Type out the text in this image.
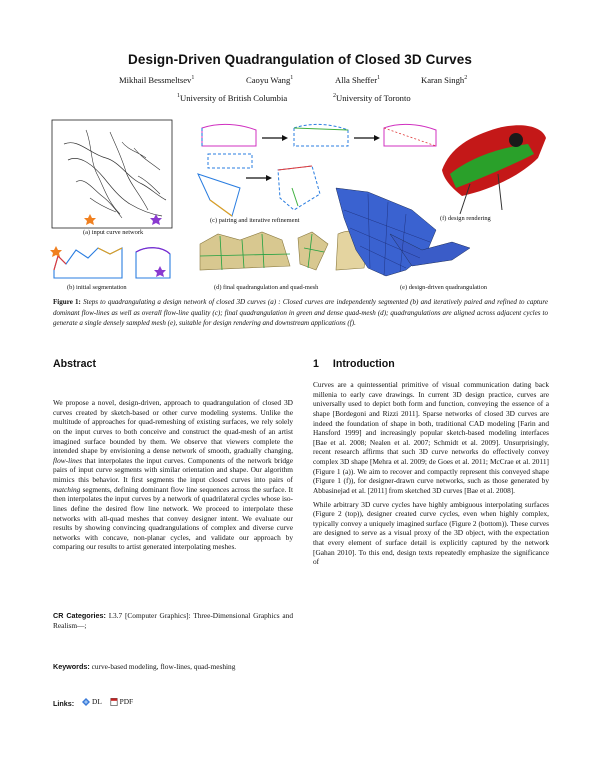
Design-Driven Quadrangulation of Closed 3D Curves
Mikhail Bessmeltsev$^1$	Caoyu Wang$^1$	Alla Sheffer$^1$	Karan Singh$^2$
$^1$University of British Columbia	$^2$University of Toronto
(a) input curve network
(c) pairing and iterative refinement	(f) design rendering
(b) initial segmentation	(d) final quadrangulation and quad-mesh	(e) design-driven quadrangulation
Figure 1: Steps to quadrangulating a design network of closed 3D curves (a) : Closed curves are independently segmented (b) and iteratively paired and refined to capture dominant flow-lines as well as overall flow-line quality (c); final quadrangulation in green and dense quad-mesh (d); quadrangulations are aligned across adjacent cycles to generate a single densely sampled mesh (e), suitable for design rendering and downstream applications (f).
Abstract	1 Introduction
We propose a novel, design-driven, approach to quadrangulation of closed 3D curves created by sketch-based or other curve modeling systems. Unlike the multitude of approaches for quad-remeshing of existing surfaces, we rely solely on the input curves to both conceive and construct the quad-mesh of an artist imagined surface bounded by them. We observe that viewers complete the intended shape by envisioning a dense network of smooth, gradually changing, flow-lines that interpolates the input curves. Components of the network bridge pairs of input curve segments with similar orientation and shape. Our algorithm mimics this behavior. It first segments the input closed curves into pairs of matching segments, defining dominant flow line sequences across the surface. It then interpolates the input curves by a network of quadrilateral cycles whose iso-lines define the desired flow line network. We proceed to interpolate these networks with all-quad meshes that convey designer intent. We evaluate our results by showing convincing quadrangulations of complex and diverse curve networks with concave, non-planar cycles, and validate our approach by comparing our results to artist generated interpolating meshes.
CR Categories: I.3.7 [Computer Graphics]: Three-Dimensional Graphics and Realism—;
Keywords: curve-based modeling, flow-lines, quad-meshing
Links: DL
PDF

Curves are a quintessential primitive of visual communication dating back millenia to early cave drawings. In current 3D design practice, curves are universally used to depict both form and function, conveying the essence of a shape [Bordegoni and Rizzi 2011]. Sparse networks of closed 3D curves are indeed the foundation of shape in both, traditional CAD modeling [Farin and Hansford 1999] and increasingly popular sketch-based modeling interfaces [Bae et al. 2008; Nealen et al. 2007; Schmidt et al. 2009]. Unsurprisingly, recent research affirms that such 3D curve networks do effectively convey complex 3D shape [Mehra et al. 2009; de Goes et al. 2011; McCrae et al. 2011] (Figure 1 (a)). We aim to recover and compactly represent this conveyed shape (Figure 1 (f)), for designer-drawn curve networks, such as those generated by Abbasinejad et al. [2011] from sketched 3D curves [Bae et al. 2008].

While arbitrary 3D curve cycles have highly ambiguous interpolating surfaces (Figure 2 (top)), designer created curve cycles, even when highly complex, typically convey a uniquely imagined surface (Figure 2 (bottom)). These curves are designed to serve as a visual proxy of the 3D object, with the expectation that every element of surface detail is explicitly captured by the network [Gahan 2010]. To this end, design texts repeatedly emphasize the significance of
